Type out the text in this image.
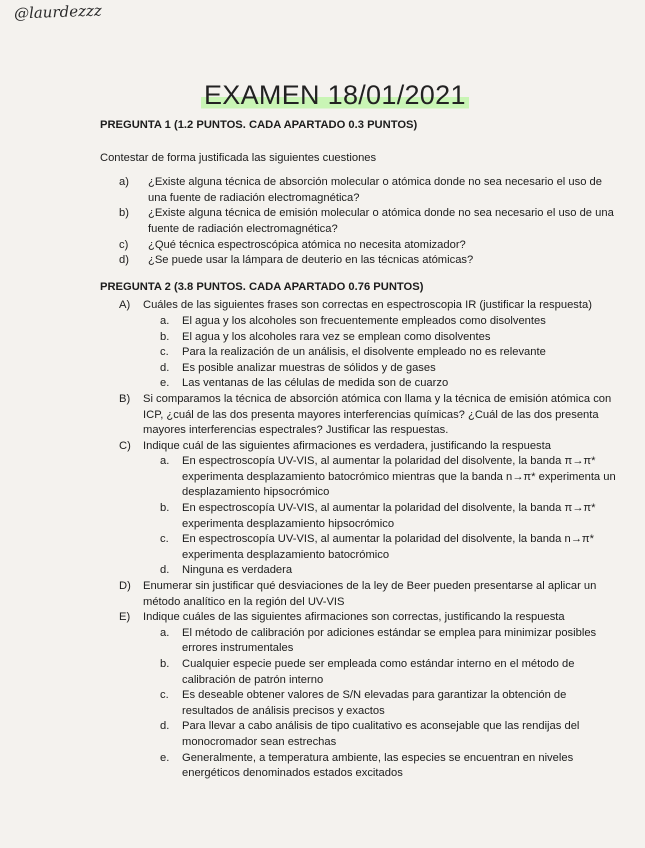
@laurdezzz
EXAMEN 18/01/2021

PREGUNTA 1 (1.2 PUNTOS. CADA APARTADO 0.3 PUNTOS)

Contestar de forma justificada las siguientes cuestiones

a)	¿Existe alguna técnica de absorción molecular o atómica donde no sea necesario el uso de una fuente de radiación electromagnética?
b)	¿Existe alguna técnica de emisión molecular o atómica donde no sea necesario el uso de una fuente de radiación electromagnética?
c)	¿Qué técnica espectroscópica atómica no necesita atomizador?
d)	¿Se puede usar la lámpara de deuterio en las técnicas atómicas?

PREGUNTA 2 (3.8 PUNTOS. CADA APARTADO 0.76 PUNTOS)

A)	Cuáles de las siguientes frases son correctas en espectroscopia IR (justificar la respuesta)
a.	El agua y los alcoholes son frecuentemente empleados como disolventes
b.	El agua y los alcoholes rara vez se emplean como disolventes
c.	Para la realización de un análisis, el disolvente empleado no es relevante
d.	Es posible analizar muestras de sólidos y de gases
e.	Las ventanas de las células de medida son de cuarzo
B)	Si comparamos la técnica de absorción atómica con llama y la técnica de emisión atómica con ICP, ¿cuál de las dos presenta mayores interferencias químicas? ¿Cuál de las dos presenta mayores interferencias espectrales? Justificar las respuestas.
C)	Indique cuál de las siguientes afirmaciones es verdadera, justificando la respuesta
a.	En espectroscopía UV-VIS, al aumentar la polaridad del disolvente, la banda π→π* experimenta desplazamiento batocrómico mientras que la banda n→π* experimenta un desplazamiento hipsocrómico
b.	En espectroscopía UV-VIS, al aumentar la polaridad del disolvente, la banda π→π* experimenta desplazamiento hipsocrómico
c.	En espectroscopía UV-VIS, al aumentar la polaridad del disolvente, la banda n→π* experimenta desplazamiento batocrómico
d.	Ninguna es verdadera
D)	Enumerar sin justificar qué desviaciones de la ley de Beer pueden presentarse al aplicar un método analítico en la región del UV-VIS
E)	Indique cuáles de las siguientes afirmaciones son correctas, justificando la respuesta
a.	El método de calibración por adiciones estándar se emplea para minimizar posibles errores instrumentales
b.	Cualquier especie puede ser empleada como estándar interno en el método de calibración de patrón interno
c.	Es deseable obtener valores de S/N elevadas para garantizar la obtención de resultados de análisis precisos y exactos
d.	Para llevar a cabo análisis de tipo cualitativo es aconsejable que las rendijas del monocromador sean estrechas
e.	Generalmente, a temperatura ambiente, las especies se encuentran en niveles energéticos denominados estados excitados
